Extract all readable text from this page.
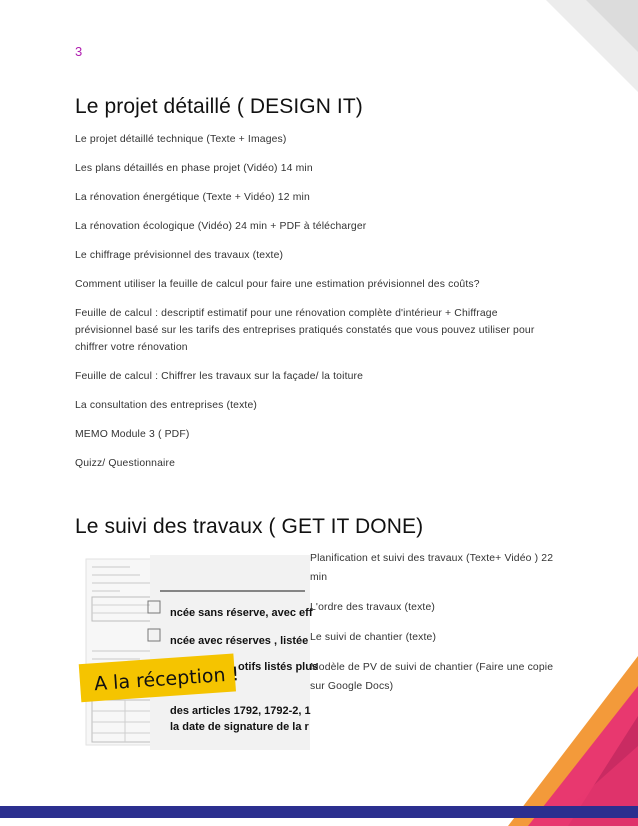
3
Le projet détaillé ( DESIGN IT)
Le projet détaillé technique (Texte + Images)
Les plans détaillés en phase projet (Vidéo) 14 min
La rénovation énergétique (Texte + Vidéo) 12 min
La rénovation écologique (Vidéo) 24 min + PDF à télécharger
Le chiffrage prévisionnel des travaux (texte)
Comment utiliser la feuille de calcul pour faire une estimation prévisionnel des coûts?
Feuille de calcul : descriptif estimatif pour une rénovation complète d'intérieur + Chiffrage prévisionnel basé sur les tarifs des entreprises pratiqués constatés que vous pouvez utiliser pour chiffrer votre rénovation
Feuille de calcul : Chiffrer les travaux sur la façade/ la toiture
La consultation des entreprises (texte)
MEMO Module 3 ( PDF)
Quizz/ Questionnaire
Le suivi des travaux ( GET IT DONE)
A la réception !
ncée sans réserve, avec eff
ncée avec réserves , listée
otifs listés plus
des articles 1792, 1792-2, 1
la date de signature de la r
Planification et suivi des travaux (Texte+ Vidéo ) 22 min
L'ordre des travaux (texte)
Le suivi de chantier (texte)
Modèle de PV de suivi de chantier (Faire une copie sur Google Docs)
